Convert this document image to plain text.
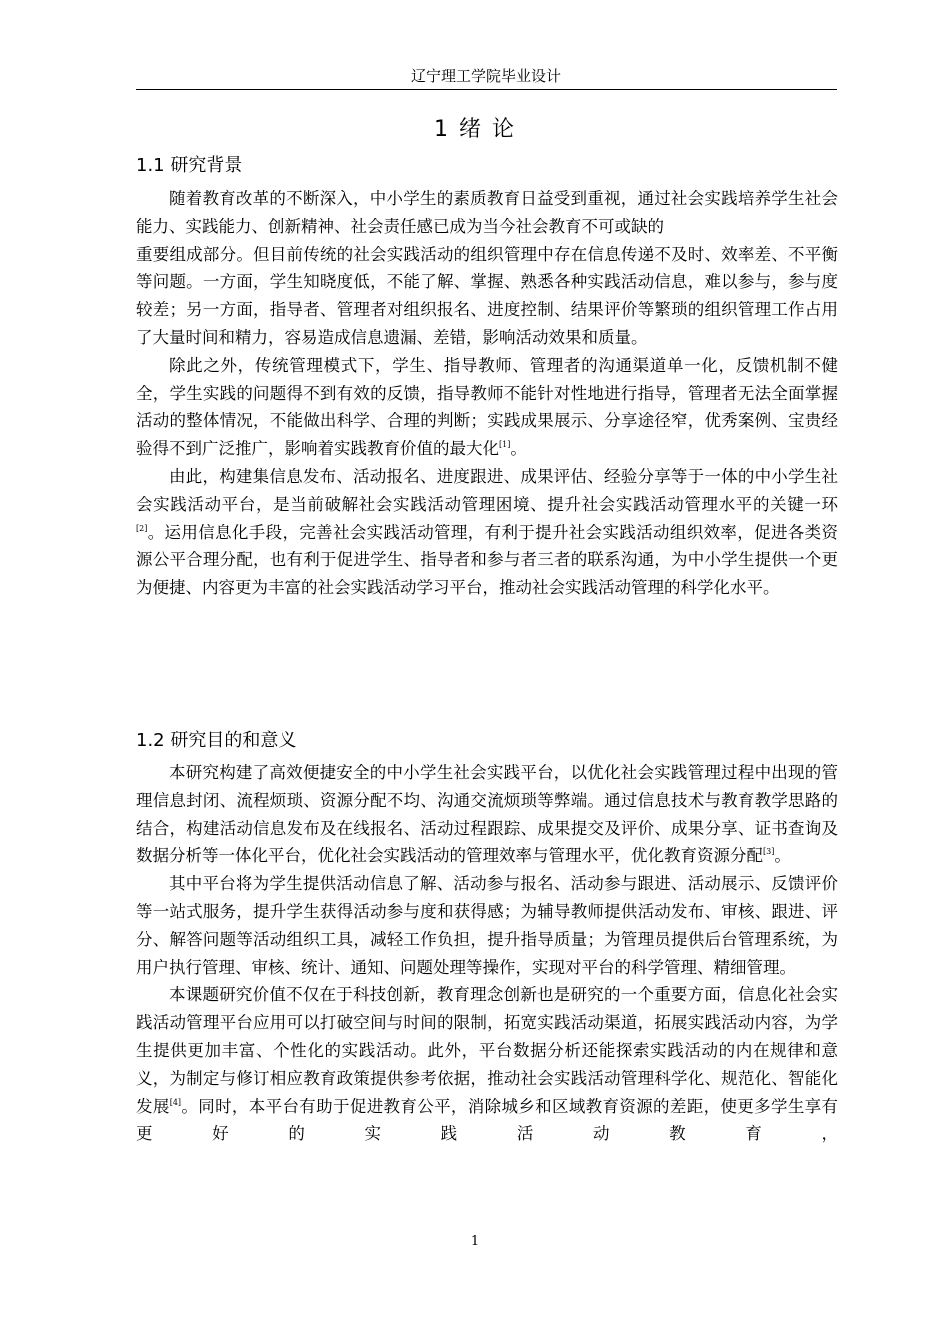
辽宁理工学院毕业设计
1 绪 论
1.1 研究背景

随着教育改革的不断深入，中小学生的素质教育日益受到重视，通过社会实践培养学生社会能力、实践能力、创新精神、社会责任感已成为当今社会教育不可或缺的

重要组成部分。但目前传统的社会实践活动的组织管理中存在信息传递不及时、效率差、不平衡等问题。一方面，学生知晓度低，不能了解、掌握、熟悉各种实践活动信息，难以参与，参与度较差；另一方面，指导者、管理者对组织报名、进度控制、结果评价等繁琐的组织管理工作占用了大量时间和精力，容易造成信息遗漏、差错，影响活动效果和质量。

除此之外，传统管理模式下，学生、指导教师、管理者的沟通渠道单一化，反馈机制不健全，学生实践的问题得不到有效的反馈，指导教师不能针对性地进行指导，管理者无法全面掌握活动的整体情况，不能做出科学、合理的判断；实践成果展示、分享途径窄，优秀案例、宝贵经验得不到广泛推广，影响着实践教育价值的最大化[1]。

由此，构建集信息发布、活动报名、进度跟进、成果评估、经验分享等于一体的中小学生社会实践活动平台，是当前破解社会实践活动管理困境、提升社会实践活动管理水平的关键一环[2]。运用信息化手段，完善社会实践活动管理，有利于提升社会实践活动组织效率，促进各类资源公平合理分配，也有利于促进学生、指导者和参与者三者的联系沟通，为中小学生提供一个更为便捷、内容更为丰富的社会实践活动学习平台，推动社会实践活动管理的科学化水平。

1.2 研究目的和意义

本研究构建了高效便捷安全的中小学生社会实践平台，以优化社会实践管理过程中出现的管理信息封闭、流程烦琐、资源分配不均、沟通交流烦琐等弊端。通过信息技术与教育教学思路的结合，构建活动信息发布及在线报名、活动过程跟踪、成果提交及评价、成果分享、证书查询及数据分析等一体化平台，优化社会实践活动的管理效率与管理水平，优化教育资源分配[3]。

其中平台将为学生提供活动信息了解、活动参与报名、活动参与跟进、活动展示、反馈评价等一站式服务，提升学生获得活动参与度和获得感；为辅导教师提供活动发布、审核、跟进、评分、解答问题等活动组织工具，减轻工作负担，提升指导质量；为管理员提供后台管理系统，为用户执行管理、审核、统计、通知、问题处理等操作，实现对平台的科学管理、精细管理。

本课题研究价值不仅在于科技创新，教育理念创新也是研究的一个重要方面，信息化社会实践活动管理平台应用可以打破空间与时间的限制，拓宽实践活动渠道，拓展实践活动内容，为学生提供更加丰富、个性化的实践活动。此外，平台数据分析还能探索实践活动的内在规律和意义，为制定与修订相应教育政策提供参考依据，推动社会实践活动管理科学化、规范化、智能化发展[4]。同时，本平台有助于促进教育公平，消除城乡和区域教育资源的差距，使更多学生享有更好的实践活动教育，

1
